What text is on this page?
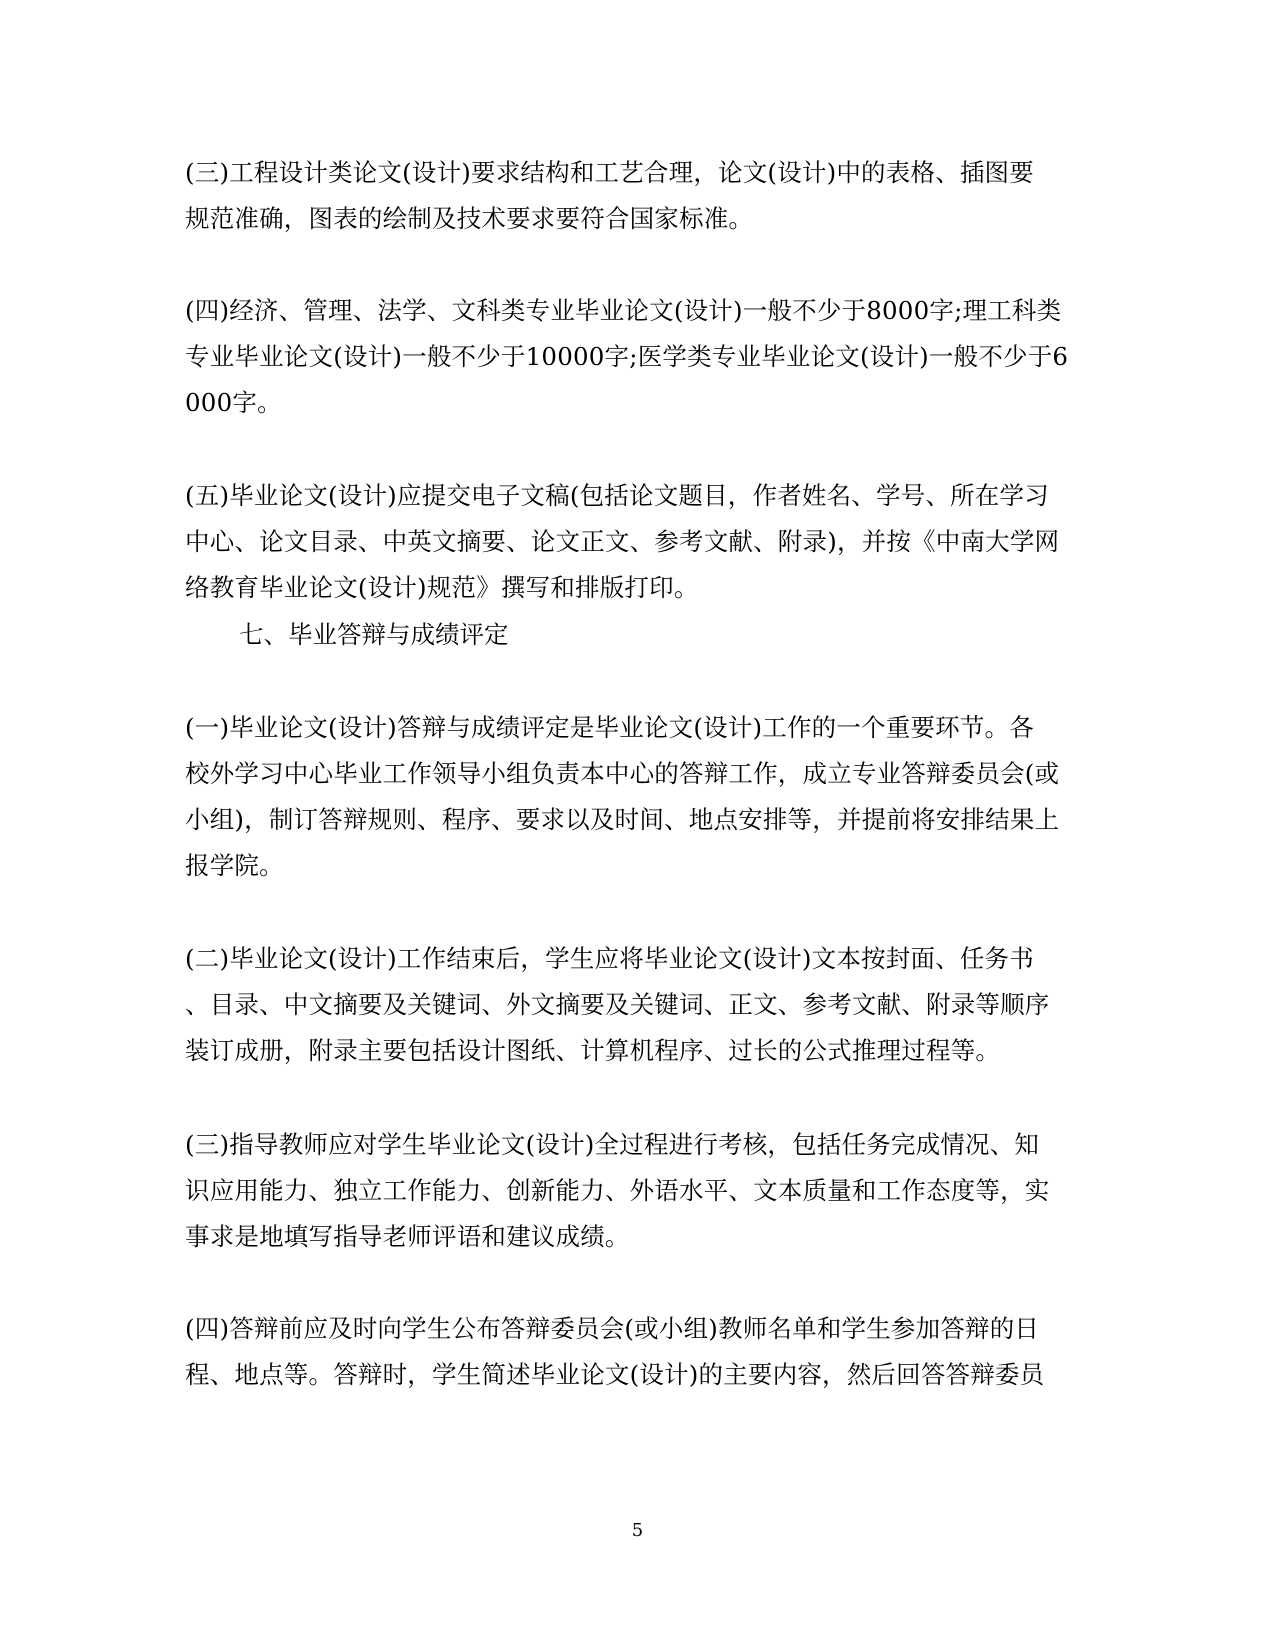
(三)工程设计类论文(设计)要求结构和工艺合理，论文(设计)中的表格、插图要
规范准确，图表的绘制及技术要求要符合国家标准。

(四)经济、管理、法学、文科类专业毕业论文(设计)一般不少于8000字;理工科类
专业毕业论文(设计)一般不少于10000字;医学类专业毕业论文(设计)一般不少于6
000字。

(五)毕业论文(设计)应提交电子文稿(包括论文题目，作者姓名、学号、所在学习
中心、论文目录、中英文摘要、论文正文、参考文献、附录)，并按《中南大学网
络教育毕业论文(设计)规范》撰写和排版打印。

七、毕业答辩与成绩评定

(一)毕业论文(设计)答辩与成绩评定是毕业论文(设计)工作的一个重要环节。各
校外学习中心毕业工作领导小组负责本中心的答辩工作，成立专业答辩委员会(或
小组)，制订答辩规则、程序、要求以及时间、地点安排等，并提前将安排结果上
报学院。

(二)毕业论文(设计)工作结束后，学生应将毕业论文(设计)文本按封面、任务书
、目录、中文摘要及关键词、外文摘要及关键词、正文、参考文献、附录等顺序
装订成册，附录主要包括设计图纸、计算机程序、过长的公式推理过程等。

(三)指导教师应对学生毕业论文(设计)全过程进行考核，包括任务完成情况、知
识应用能力、独立工作能力、创新能力、外语水平、文本质量和工作态度等，实
事求是地填写指导老师评语和建议成绩。

(四)答辩前应及时向学生公布答辩委员会(或小组)教师名单和学生参加答辩的日
程、地点等。答辩时，学生简述毕业论文(设计)的主要内容，然后回答答辩委员

5
